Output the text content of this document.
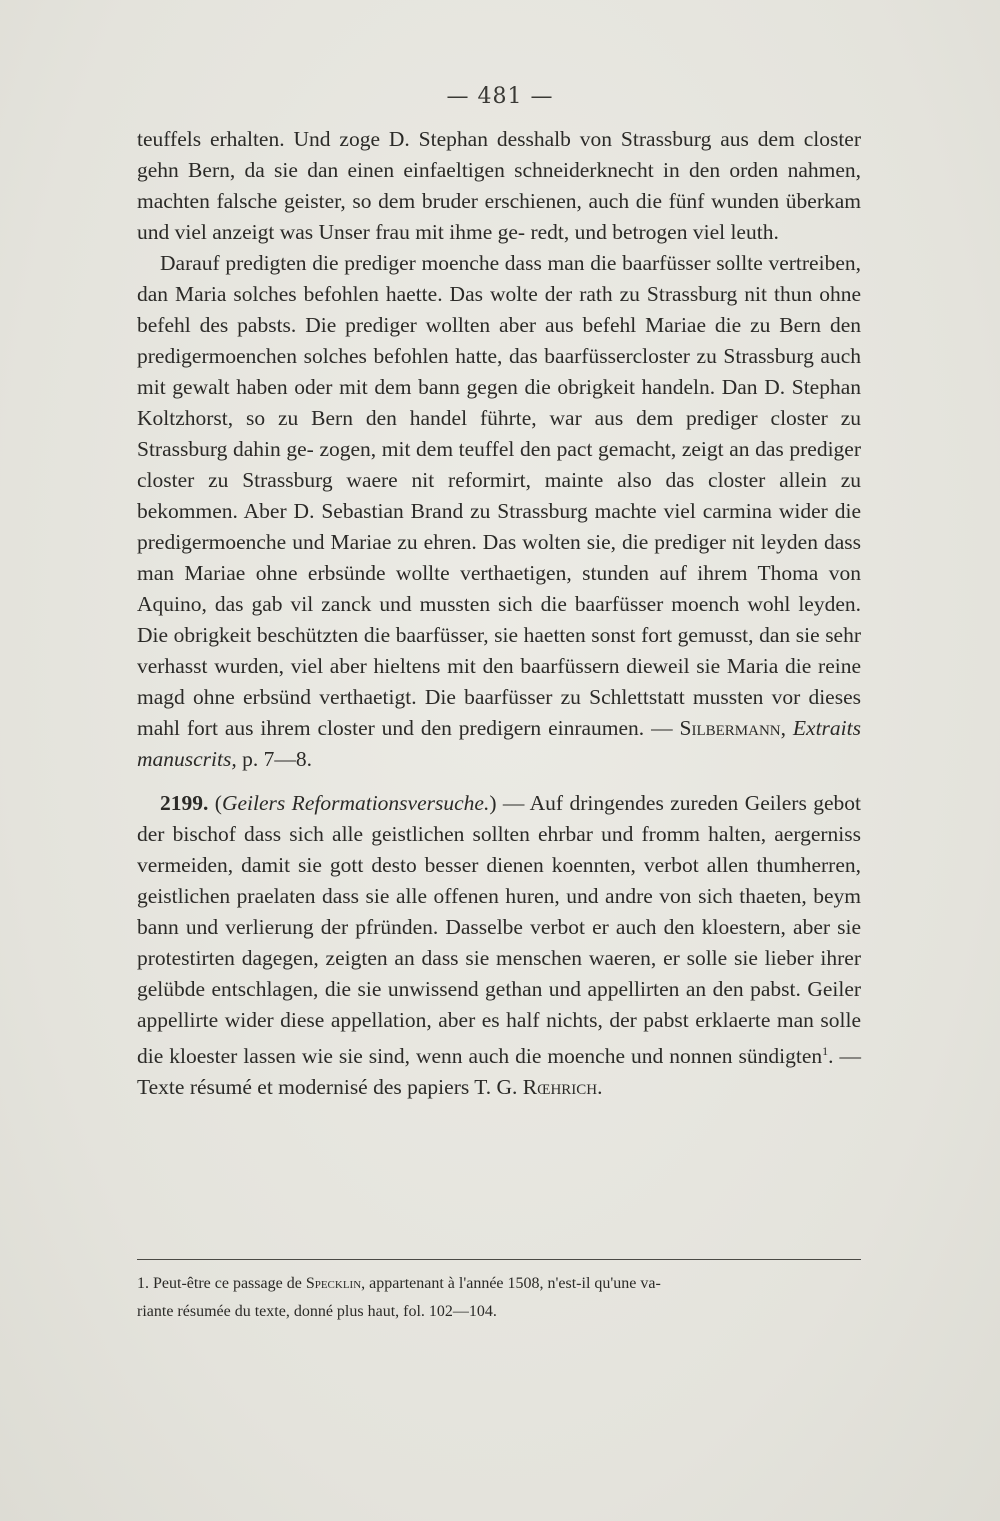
— 481 —

teuffels erhalten. Und zoge D. Stephan desshalb von Strassburg aus dem closter gehn Bern, da sie dan einen einfaeltigen schneiderknecht in den orden nahmen, machten falsche geister, so dem bruder erschienen, auch die fünf wunden überkam und viel anzeigt was Unser frau mit ihme ge- redt, und betrogen viel leuth.

Darauf predigten die prediger moenche dass man die baarfüsser sollte vertreiben, dan Maria solches befohlen haette. Das wolte der rath zu Strassburg nit thun ohne befehl des pabsts. Die prediger wollten aber aus befehl Mariae die zu Bern den predigermoenchen solches befohlen hatte, das baarfüssercloster zu Strassburg auch mit gewalt haben oder mit dem bann gegen die obrigkeit handeln. Dan D. Stephan Koltzhorst, so zu Bern den handel führte, war aus dem prediger closter zu Strassburg dahin ge- zogen, mit dem teuffel den pact gemacht, zeigt an das prediger closter zu Strassburg waere nit reformirt, mainte also das closter allein zu bekommen. Aber D. Sebastian Brand zu Strassburg machte viel carmina wider die predigermoenche und Mariae zu ehren. Das wolten sie, die prediger nit leyden dass man Mariae ohne erbsünde wollte verthaetigen, stunden auf ihrem Thoma von Aquino, das gab vil zanck und mussten sich die baarfüsser moench wohl leyden. Die obrigkeit beschützten die baarfüsser, sie haetten sonst fort gemusst, dan sie sehr verhasst wurden, viel aber hieltens mit den baarfüssern dieweil sie Maria die reine magd ohne erbsünd verthaetigt. Die baarfüsser zu Schlettstatt mussten vor dieses mahl fort aus ihrem closter und den predigern einraumen. — Silbermann, Extraits manuscrits, p. 7—8.

2199. (Geilers Reformationsversuche.) — Auf dringendes zureden Geilers gebot der bischof dass sich alle geistlichen sollten ehrbar und fromm halten, aergerniss vermeiden, damit sie gott desto besser dienen koennten, verbot allen thumherren, geistlichen praelaten dass sie alle offenen huren, und andre von sich thaeten, beym bann und verlierung der pfründen. Dasselbe verbot er auch den kloestern, aber sie protestirten dagegen, zeigten an dass sie menschen waeren, er solle sie lieber ihrer gelübde entschlagen, die sie unwissend gethan und appellirten an den pabst. Geiler appellirte wider diese appellation, aber es half nichts, der pabst erklaerte man solle die kloester lassen wie sie sind, wenn auch die moenche und nonnen sündigten$^1$. — Texte résumé et modernisé des papiers T. G. Rœhrich.

1. Peut-être ce passage de Specklin, appartenant à l'année 1508, n'est-il qu'une va-
riante résumée du texte, donné plus haut, fol. 102—104.
